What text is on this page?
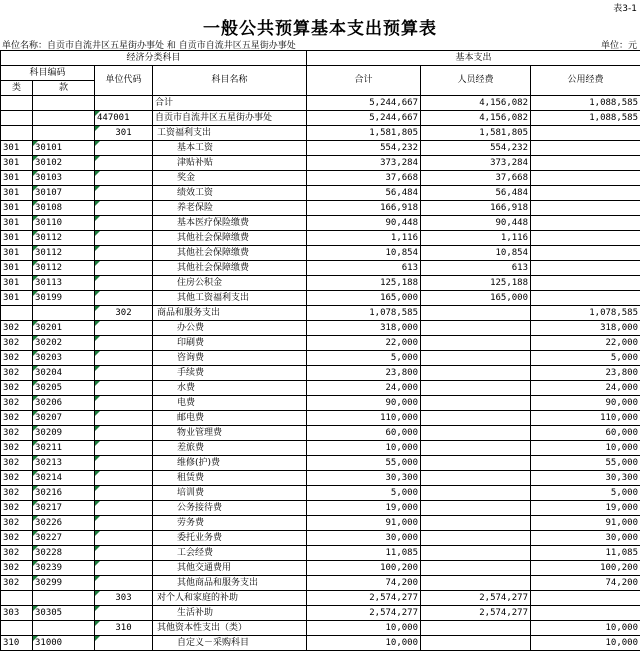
表3-1
一般公共预算基本支出预算表
单位名称：自贡市自流井区五星街办事处 和 自贡市自流井区五星街办事处	单位：元
经济分类科目				基本支出		
科目编码		单位代码	科目名称	合计	人员经费	公用经费
类	款					
			合计	5,244,667	4,156,082	1,088,585
		447001	自贡市自流井区五星街办事处	5,244,667	4,156,082	1,088,585
		301	工资福利支出	1,581,805	1,581,805	
301	30101		基本工资	554,232	554,232	
301	30102		津贴补贴	373,284	373,284	
301	30103		奖金	37,668	37,668	
301	30107		绩效工资	56,484	56,484	
301	30108		养老保险	166,918	166,918	
301	30110		基本医疗保险缴费	90,448	90,448	
301	30112		其他社会保障缴费	1,116	1,116	
301	30112		其他社会保障缴费	10,854	10,854	
301	30112		其他社会保障缴费	613	613	
301	30113		住房公积金	125,188	125,188	
301	30199		其他工资福利支出	165,000	165,000	
		302	商品和服务支出	1,078,585		1,078,585
302	30201		办公费	318,000		318,000
302	30202		印刷费	22,000		22,000
302	30203		咨询费	5,000		5,000
302	30204		手续费	23,800		23,800
302	30205		水费	24,000		24,000
302	30206		电费	90,000		90,000
302	30207		邮电费	110,000		110,000
302	30209		物业管理费	60,000		60,000
302	30211		差旅费	10,000		10,000
302	30213		维修(护)费	55,000		55,000
302	30214		租赁费	30,300		30,300
302	30216		培训费	5,000		5,000
302	30217		公务接待费	19,000		19,000
302	30226		劳务费	91,000		91,000
302	30227		委托业务费	30,000		30,000
302	30228		工会经费	11,085		11,085
302	30239		其他交通费用	100,200		100,200
302	30299		其他商品和服务支出	74,200		74,200
		303	对个人和家庭的补助	2,574,277	2,574,277	
303	30305		生活补助	2,574,277	2,574,277	
		310	其他资本性支出（类）	10,000		10,000
310	31000		自定义－采购科目	10,000		10,000
